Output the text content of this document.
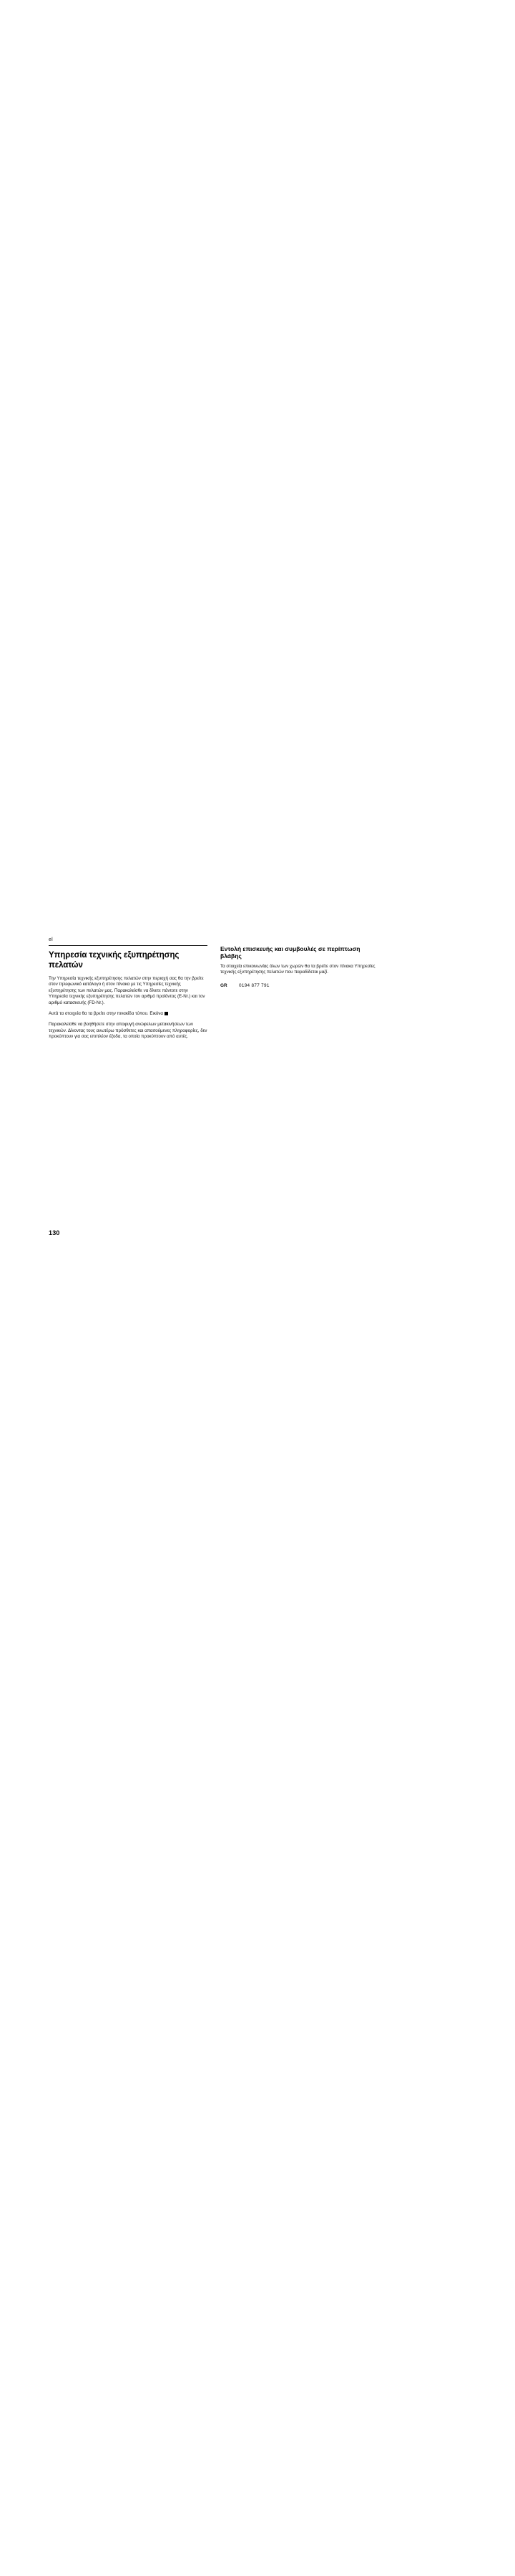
el
Υπηρεσία τεχνικής εξυπηρέτησης πελατών

Την Υπηρεσία τεχνικής εξυπηρέτησης πελατών στην περιοχή σας θα την βρείτε στον τηλεφωνικό κατάλογο ή στον πίνακα με τις Υπηρεσίες τεχνικής εξυπηρέτησης των πελατών μας. Παρακαλείσθε να δίνετε πάντοτε στην Υπηρεσία τεχνικής εξυπηρέτησης πελατών τον αριθμό προϊόντος (E-Nr.) και τον αριθμό κατασκευής (FD-Nr.).

Αυτά τα στοιχεία θα τα βρείτε στην πινακίδα τύπου. Εικόνα

Παρακαλείσθε να βοηθήσετε στην αποφυγή ανώφελων μετακινήσεων των τεχνικών. Δίνοντας τους ανωτέρω πρόσθετες και απαιτούμενες πληροφορίες, δεν προκύπτουν για σας επιπλέον έξοδα, τα οποία προκύπτουν από αυτές.

Εντολή επισκευής και συμβουλές σε περίπτωση βλάβης

Τα στοιχεία επικοινωνίας όλων των χωρών θα τα βρείτε στον πίνακα Υπηρεσίες τεχνικής εξυπηρέτησης πελατών που παραδίδεται μαζί.

GR	0194 877 791
130
